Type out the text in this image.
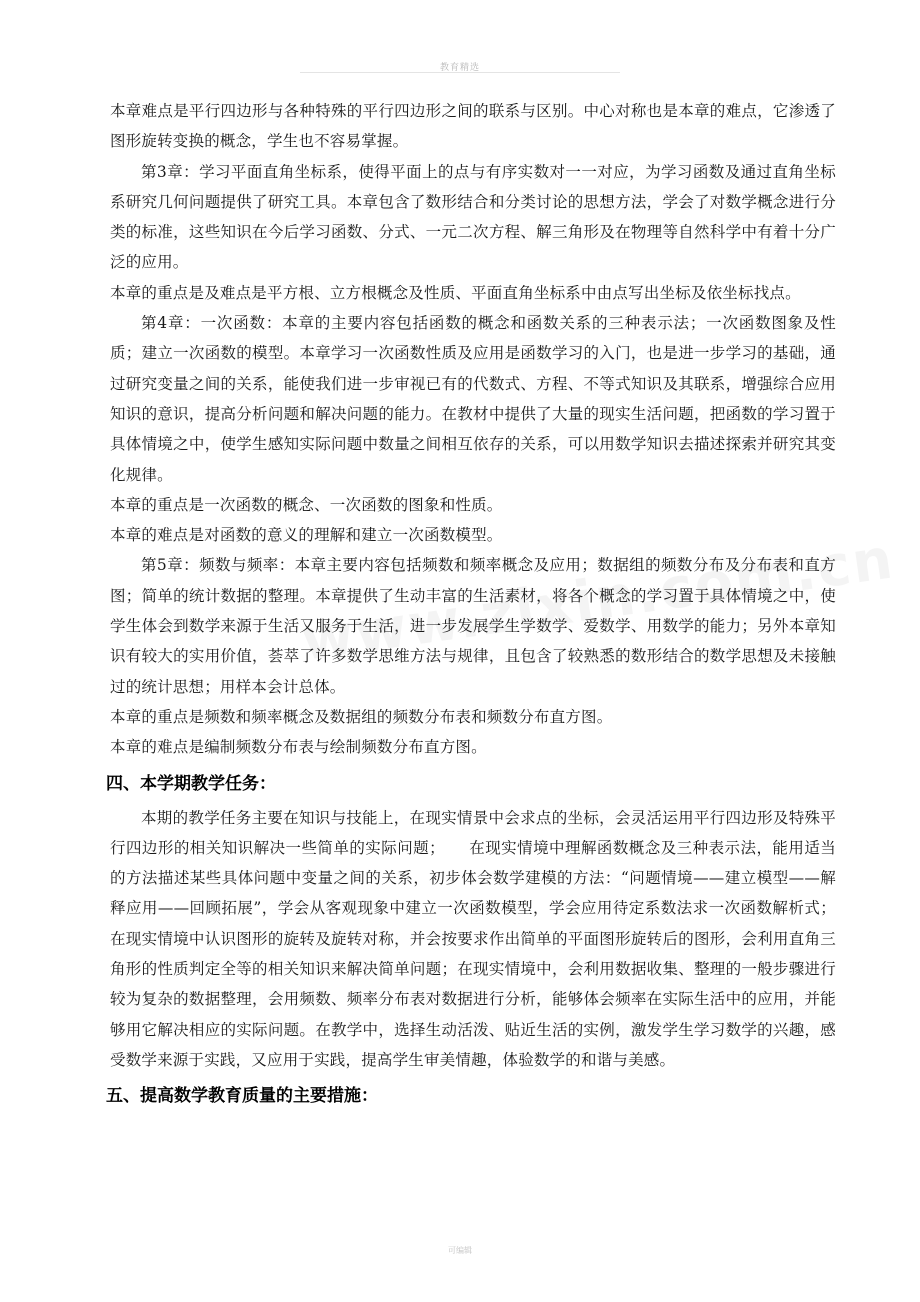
教育精选

本章难点是平行四边形与各种特殊的平行四边形之间的联系与区别。中心对称也是本章的难点，它渗透了图形旋转变换的概念，学生也不容易掌握。

第3章：学习平面直角坐标系，使得平面上的点与有序实数对一一对应，为学习函数及通过直角坐标系研究几何问题提供了研究工具。本章包含了数形结合和分类讨论的思想方法，学会了对数学概念进行分类的标准，这些知识在今后学习函数、分式、一元二次方程、解三角形及在物理等自然科学中有着十分广泛的应用。

本章的重点是及难点是平方根、立方根概念及性质、平面直角坐标系中由点写出坐标及依坐标找点。

第4章：一次函数：本章的主要内容包括函数的概念和函数关系的三种表示法；一次函数图象及性质；建立一次函数的模型。本章学习一次函数性质及应用是函数学习的入门，也是进一步学习的基础，通过研究变量之间的关系，能使我们进一步审视已有的代数式、方程、不等式知识及其联系，增强综合应用知识的意识，提高分析问题和解决问题的能力。在教材中提供了大量的现实生活问题，把函数的学习置于具体情境之中，使学生感知实际问题中数量之间相互依存的关系，可以用数学知识去描述探索并研究其变化规律。

本章的重点是一次函数的概念、一次函数的图象和性质。

本章的难点是对函数的意义的理解和建立一次函数模型。

第5章：频数与频率：本章主要内容包括频数和频率概念及应用；数据组的频数分布及分布表和直方图；简单的统计数据的整理。本章提供了生动丰富的生活素材，将各个概念的学习置于具体情境之中，使学生体会到数学来源于生活又服务于生活，进一步发展学生学数学、爱数学、用数学的能力；另外本章知识有较大的实用价值，荟萃了许多数学思维方法与规律，且包含了较熟悉的数形结合的数学思想及未接触过的统计思想；用样本会计总体。

本章的重点是频数和频率概念及数据组的频数分布表和频数分布直方图。

本章的难点是编制频数分布表与绘制频数分布直方图。

四、本学期教学任务：

本期的教学任务主要在知识与技能上，在现实情景中会求点的坐标，会灵活运用平行四边形及特殊平行四边形的相关知识解决一些简单的实际问题；　　在现实情境中理解函数概念及三种表示法，能用适当的方法描述某些具体问题中变量之间的关系，初步体会数学建模的方法：“问题情境——建立模型——解释应用——回顾拓展”，学会从客观现象中建立一次函数模型，学会应用待定系数法求一次函数解析式；在现实情境中认识图形的旋转及旋转对称，并会按要求作出简单的平面图形旋转后的图形，会利用直角三角形的性质判定全等的相关知识来解决简单问题；在现实情境中，会利用数据收集、整理的一般步骤进行较为复杂的数据整理，会用频数、频率分布表对数据进行分析，能够体会频率在实际生活中的应用，并能够用它解决相应的实际问题。在教学中，选择生动活泼、贴近生活的实例，激发学生学习数学的兴趣，感受数学来源于实践，又应用于实践，提高学生审美情趣，体验数学的和谐与美感。

五、提高数学教育质量的主要措施：
可编辑
